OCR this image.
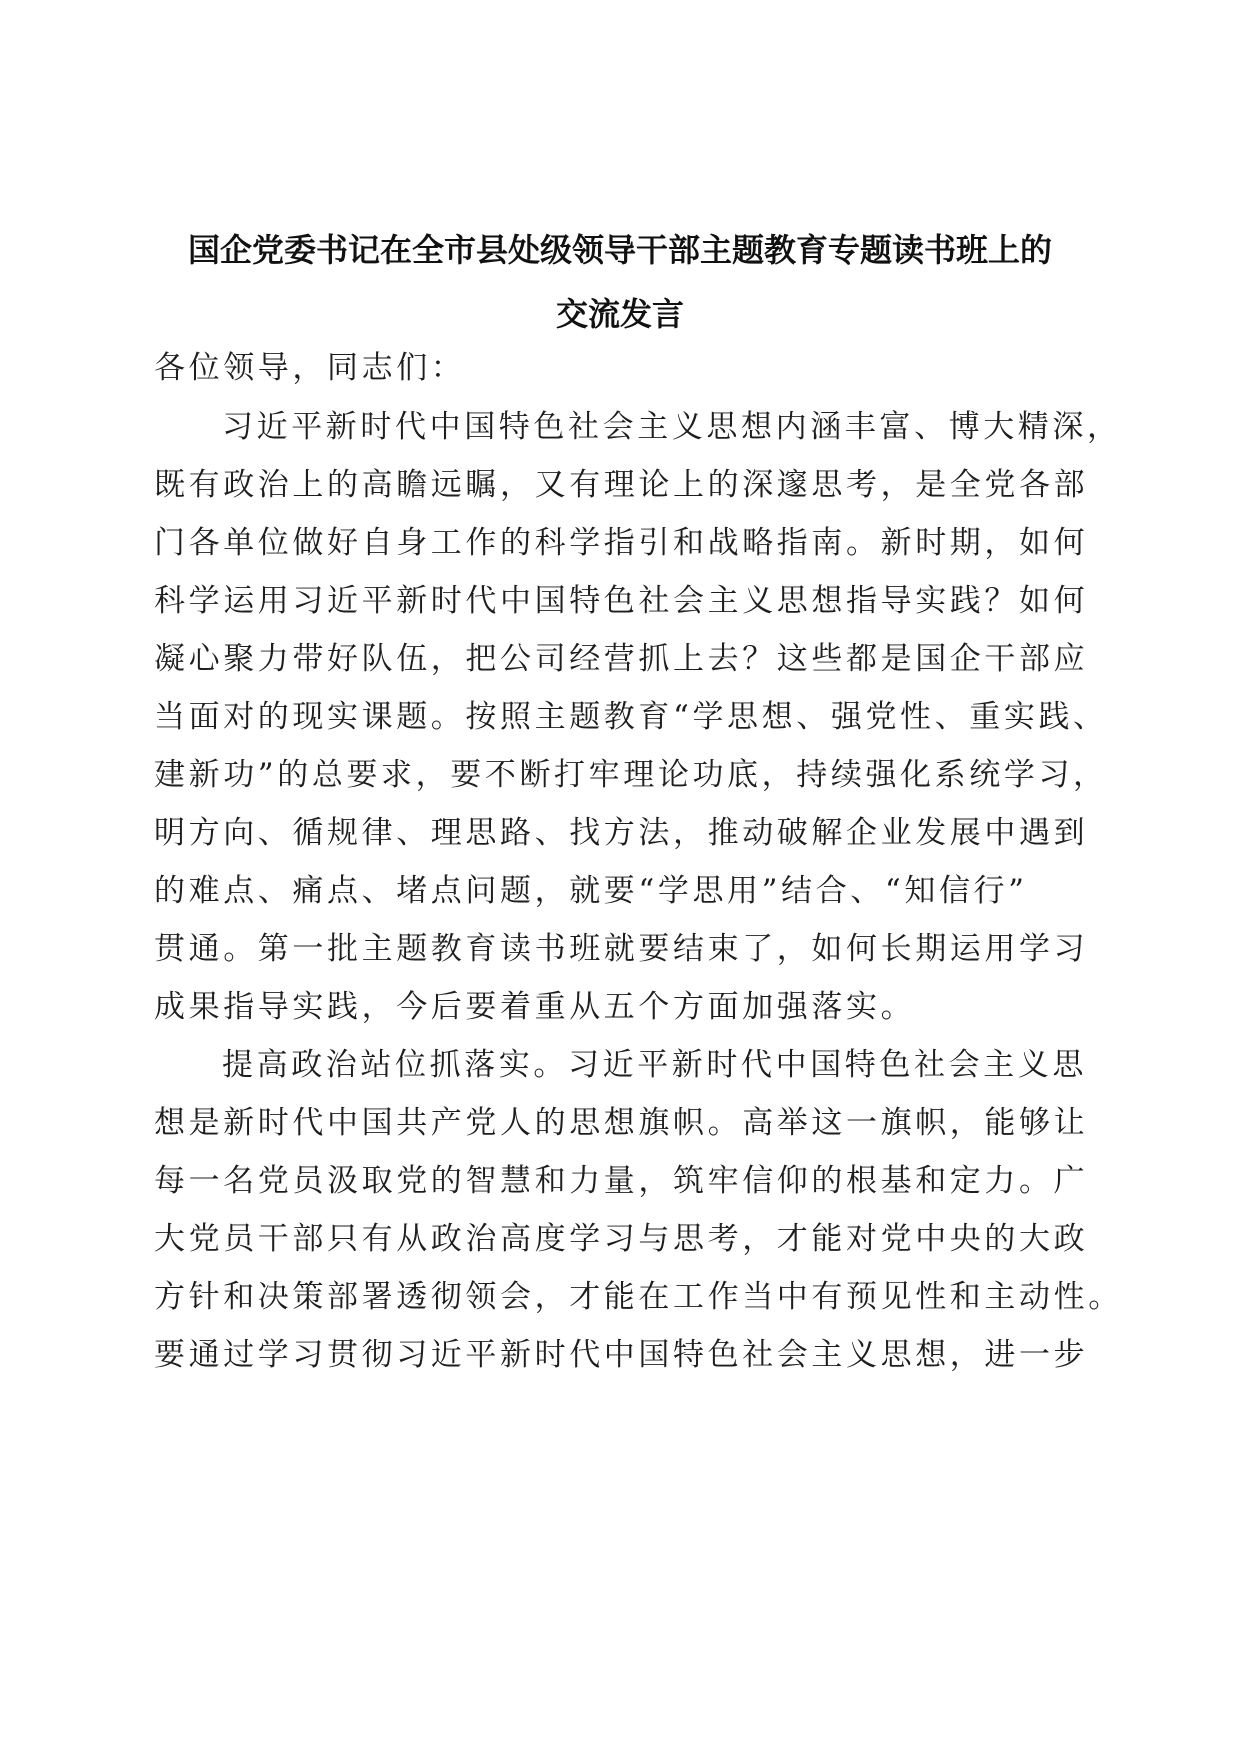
国企党委书记在全市县处级领导干部主题教育专题读书班上的
交流发言
各位领导，同志们：
习近平新时代中国特色社会主义思想内涵丰富、博大精深，
既有政治上的高瞻远瞩，又有理论上的深邃思考，是全党各部
门各单位做好自身工作的科学指引和战略指南。新时期，如何
科学运用习近平新时代中国特色社会主义思想指导实践？如何
凝心聚力带好队伍，把公司经营抓上去？这些都是国企干部应
当面对的现实课题。按照主题教育“学思想、强党性、重实践、
建新功”的总要求，要不断打牢理论功底，持续强化系统学习，
明方向、循规律、理思路、找方法，推动破解企业发展中遇到
的难点、痛点、堵点问题，就要“学思用”结合、“知信行”
贯通。第一批主题教育读书班就要结束了，如何长期运用学习
成果指导实践，今后要着重从五个方面加强落实。
提高政治站位抓落实。习近平新时代中国特色社会主义思
想是新时代中国共产党人的思想旗帜。高举这一旗帜，能够让
每一名党员汲取党的智慧和力量，筑牢信仰的根基和定力。广
大党员干部只有从政治高度学习与思考，才能对党中央的大政
方针和决策部署透彻领会，才能在工作当中有预见性和主动性。
要通过学习贯彻习近平新时代中国特色社会主义思想，进一步
